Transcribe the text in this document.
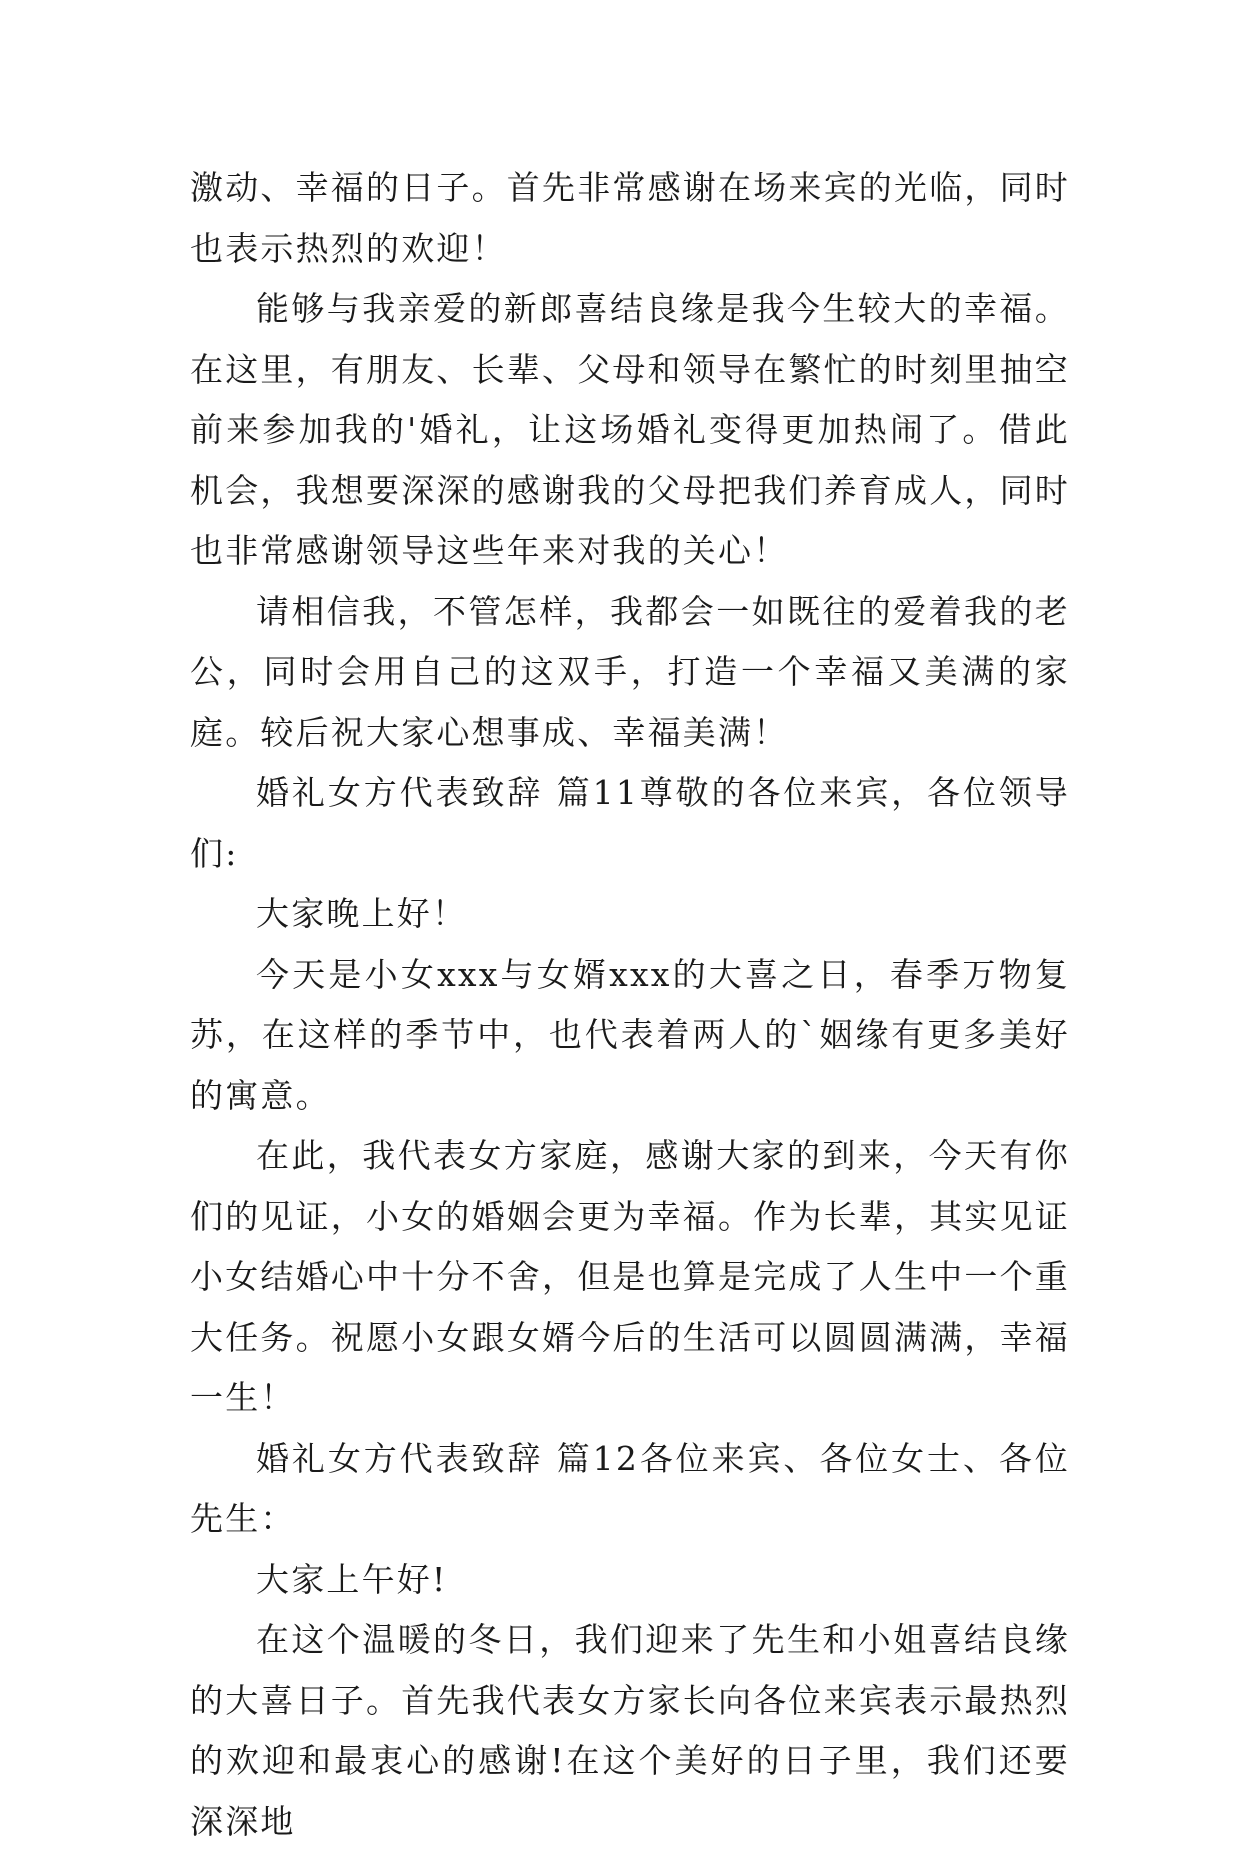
激动、幸福的日子。首先非常感谢在场来宾的光临，同时也表示热烈的欢迎！

能够与我亲爱的新郎喜结良缘是我今生较大的幸福。在这里，有朋友、长辈、父母和领导在繁忙的时刻里抽空前来参加我的'婚礼，让这场婚礼变得更加热闹了。借此机会，我想要深深的感谢我的父母把我们养育成人，同时也非常感谢领导这些年来对我的关心！

请相信我，不管怎样，我都会一如既往的爱着我的老公，同时会用自己的这双手，打造一个幸福又美满的家庭。较后祝大家心想事成、幸福美满！

婚礼女方代表致辞 篇11尊敬的各位来宾，各位领导们:

大家晚上好！

今天是小女xxx与女婿xxx的大喜之日，春季万物复苏，在这样的季节中，也代表着两人的`姻缘有更多美好的寓意。

在此，我代表女方家庭，感谢大家的到来，今天有你们的见证，小女的婚姻会更为幸福。作为长辈，其实见证小女结婚心中十分不舍，但是也算是完成了人生中一个重大任务。祝愿小女跟女婿今后的生活可以圆圆满满，幸福一生！

婚礼女方代表致辞 篇12各位来宾、各位女士、各位先生：

大家上午好!

在这个温暖的冬日，我们迎来了先生和小姐喜结良缘的大喜日子。首先我代表女方家长向各位来宾表示最热烈的欢迎和最衷心的感谢!在这个美好的日子里，我们还要深深地
